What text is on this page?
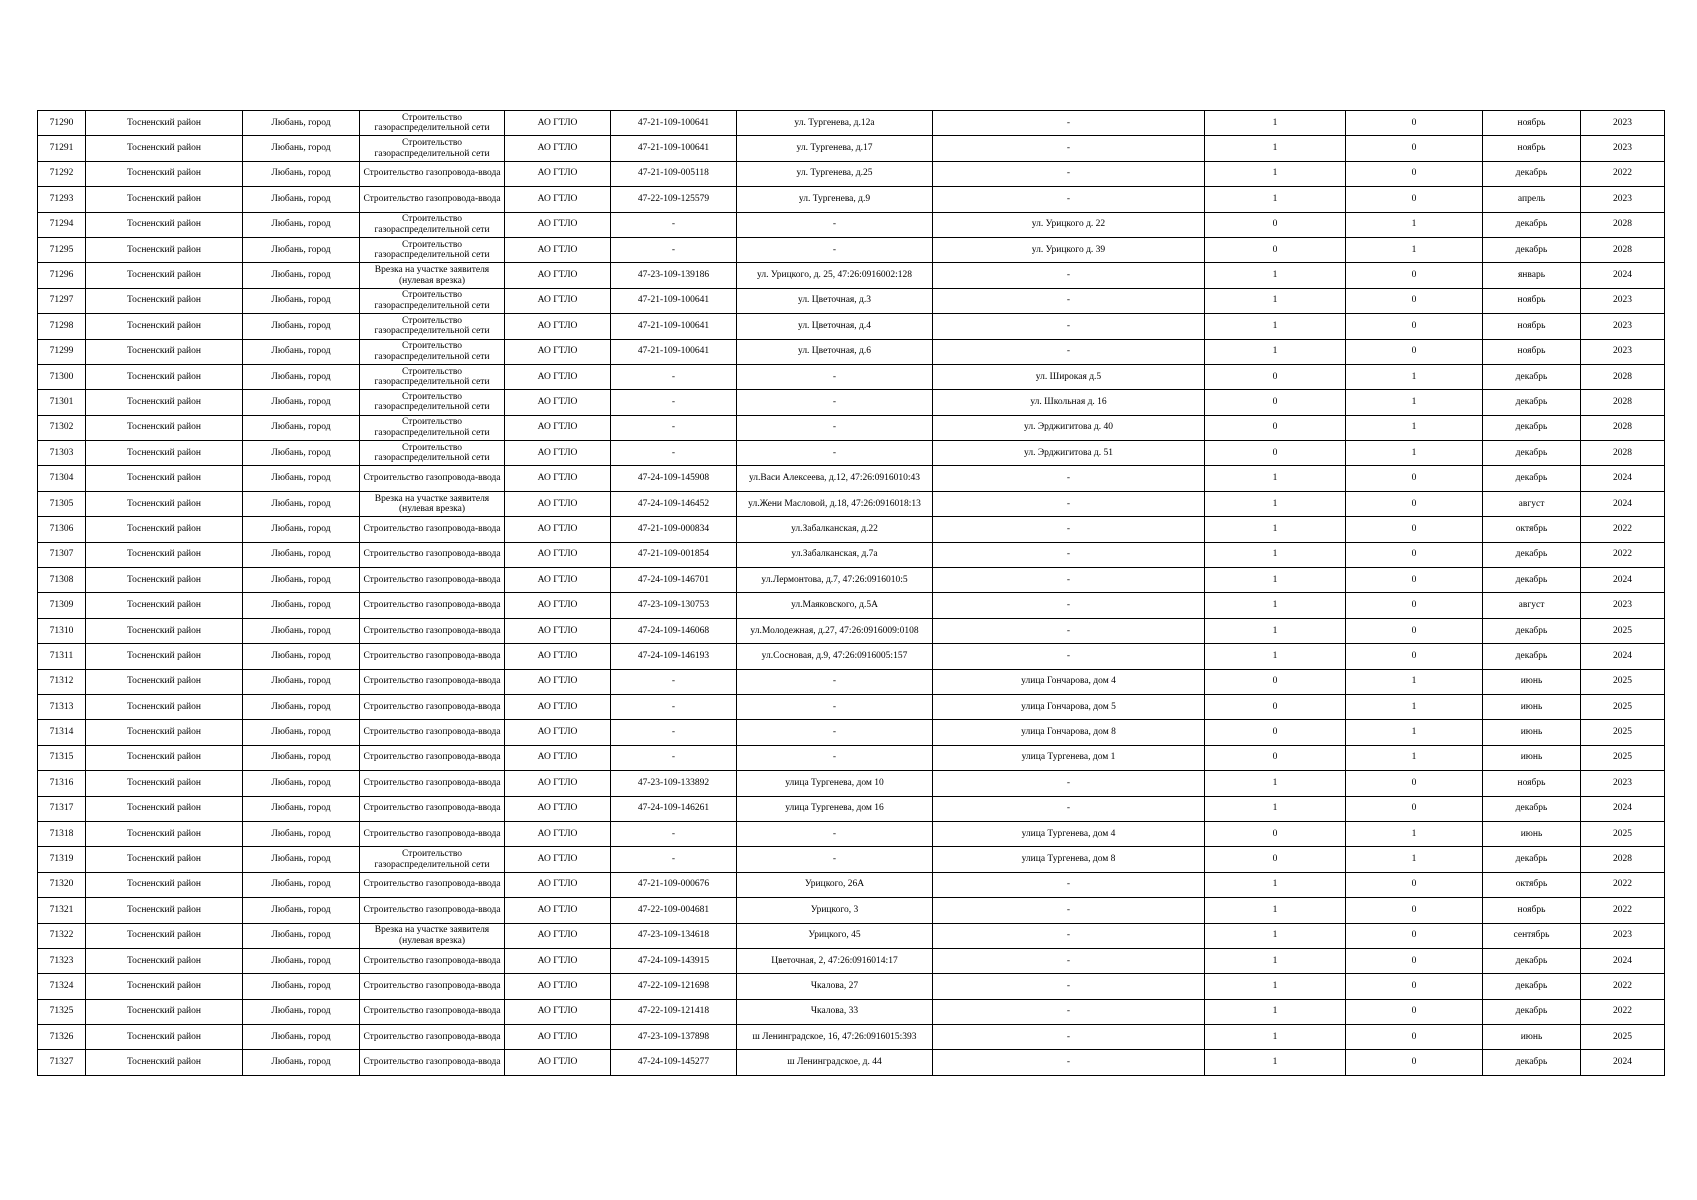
71290	Тосненский район	Любань, город	Строительство газораспределительной сети	АО ГТЛО	47-21-109-100641	ул. Тургенева, д.12а	-	1	0	ноябрь	2023
71291	Тосненский район	Любань, город	Строительство газораспределительной сети	АО ГТЛО	47-21-109-100641	ул. Тургенева, д.17	-	1	0	ноябрь	2023
71292	Тосненский район	Любань, город	Строительство газопровода-ввода	АО ГТЛО	47-21-109-005118	ул. Тургенева, д.25	-	1	0	декабрь	2022
71293	Тосненский район	Любань, город	Строительство газопровода-ввода	АО ГТЛО	47-22-109-125579	ул. Тургенева, д.9	-	1	0	апрель	2023
71294	Тосненский район	Любань, город	Строительство газораспределительной сети	АО ГТЛО	-	-	ул. Урицкого д. 22	0	1	декабрь	2028
71295	Тосненский район	Любань, город	Строительство газораспределительной сети	АО ГТЛО	-	-	ул. Урицкого д. 39	0	1	декабрь	2028
71296	Тосненский район	Любань, город	Врезка на участке заявителя (нулевая врезка)	АО ГТЛО	47-23-109-139186	ул. Урицкого, д. 25, 47:26:0916002:128	-	1	0	январь	2024
71297	Тосненский район	Любань, город	Строительство газораспределительной сети	АО ГТЛО	47-21-109-100641	ул. Цветочная, д.3	-	1	0	ноябрь	2023
71298	Тосненский район	Любань, город	Строительство газораспределительной сети	АО ГТЛО	47-21-109-100641	ул. Цветочная, д.4	-	1	0	ноябрь	2023
71299	Тосненский район	Любань, город	Строительство газораспределительной сети	АО ГТЛО	47-21-109-100641	ул. Цветочная, д.6	-	1	0	ноябрь	2023
71300	Тосненский район	Любань, город	Строительство газораспределительной сети	АО ГТЛО	-	-	ул. Широкая д.5	0	1	декабрь	2028
71301	Тосненский район	Любань, город	Строительство газораспределительной сети	АО ГТЛО	-	-	ул. Школьная д. 16	0	1	декабрь	2028
71302	Тосненский район	Любань, город	Строительство газораспределительной сети	АО ГТЛО	-	-	ул. Эрджигитова д. 40	0	1	декабрь	2028
71303	Тосненский район	Любань, город	Строительство газораспределительной сети	АО ГТЛО	-	-	ул. Эрджигитова д. 51	0	1	декабрь	2028
71304	Тосненский район	Любань, город	Строительство газопровода-ввода	АО ГТЛО	47-24-109-145908	ул.Васи Алексеева, д.12, 47:26:0916010:43	-	1	0	декабрь	2024
71305	Тосненский район	Любань, город	Врезка на участке заявителя (нулевая врезка)	АО ГТЛО	47-24-109-146452	ул.Жени Масловой, д.18, 47:26:0916018:13	-	1	0	август	2024
71306	Тосненский район	Любань, город	Строительство газопровода-ввода	АО ГТЛО	47-21-109-000834	ул.Забалканская, д.22	-	1	0	октябрь	2022
71307	Тосненский район	Любань, город	Строительство газопровода-ввода	АО ГТЛО	47-21-109-001854	ул.Забалканская, д.7а	-	1	0	декабрь	2022
71308	Тосненский район	Любань, город	Строительство газопровода-ввода	АО ГТЛО	47-24-109-146701	ул.Лермонтова, д.7, 47:26:0916010:5	-	1	0	декабрь	2024
71309	Тосненский район	Любань, город	Строительство газопровода-ввода	АО ГТЛО	47-23-109-130753	ул.Маяковского, д.5А	-	1	0	август	2023
71310	Тосненский район	Любань, город	Строительство газопровода-ввода	АО ГТЛО	47-24-109-146068	ул.Молодежная, д.27, 47:26:0916009:0108	-	1	0	декабрь	2025
71311	Тосненский район	Любань, город	Строительство газопровода-ввода	АО ГТЛО	47-24-109-146193	ул.Сосновая, д.9, 47:26:0916005:157	-	1	0	декабрь	2024
71312	Тосненский район	Любань, город	Строительство газопровода-ввода	АО ГТЛО	-	-	улица Гончарова, дом 4	0	1	июнь	2025
71313	Тосненский район	Любань, город	Строительство газопровода-ввода	АО ГТЛО	-	-	улица Гончарова, дом 5	0	1	июнь	2025
71314	Тосненский район	Любань, город	Строительство газопровода-ввода	АО ГТЛО	-	-	улица Гончарова, дом 8	0	1	июнь	2025
71315	Тосненский район	Любань, город	Строительство газопровода-ввода	АО ГТЛО	-	-	улица Тургенева, дом 1	0	1	июнь	2025
71316	Тосненский район	Любань, город	Строительство газопровода-ввода	АО ГТЛО	47-23-109-133892	улица Тургенева, дом 10	-	1	0	ноябрь	2023
71317	Тосненский район	Любань, город	Строительство газопровода-ввода	АО ГТЛО	47-24-109-146261	улица Тургенева, дом 16	-	1	0	декабрь	2024
71318	Тосненский район	Любань, город	Строительство газопровода-ввода	АО ГТЛО	-	-	улица Тургенева, дом 4	0	1	июнь	2025
71319	Тосненский район	Любань, город	Строительство газораспределительной сети	АО ГТЛО	-	-	улица Тургенева, дом 8	0	1	декабрь	2028
71320	Тосненский район	Любань, город	Строительство газопровода-ввода	АО ГТЛО	47-21-109-000676	Урицкого, 26А	-	1	0	октябрь	2022
71321	Тосненский район	Любань, город	Строительство газопровода-ввода	АО ГТЛО	47-22-109-004681	Урицкого, 3	-	1	0	ноябрь	2022
71322	Тосненский район	Любань, город	Врезка на участке заявителя (нулевая врезка)	АО ГТЛО	47-23-109-134618	Урицкого, 45	-	1	0	сентябрь	2023
71323	Тосненский район	Любань, город	Строительство газопровода-ввода	АО ГТЛО	47-24-109-143915	Цветочная, 2, 47:26:0916014:17	-	1	0	декабрь	2024
71324	Тосненский район	Любань, город	Строительство газопровода-ввода	АО ГТЛО	47-22-109-121698	Чкалова, 27	-	1	0	декабрь	2022
71325	Тосненский район	Любань, город	Строительство газопровода-ввода	АО ГТЛО	47-22-109-121418	Чкалова, 33	-	1	0	декабрь	2022
71326	Тосненский район	Любань, город	Строительство газопровода-ввода	АО ГТЛО	47-23-109-137898	ш Ленинградское, 16, 47:26:0916015:393	-	1	0	июнь	2025
71327	Тосненский район	Любань, город	Строительство газопровода-ввода	АО ГТЛО	47-24-109-145277	ш Ленинградское, д. 44	-	1	0	декабрь	2024
